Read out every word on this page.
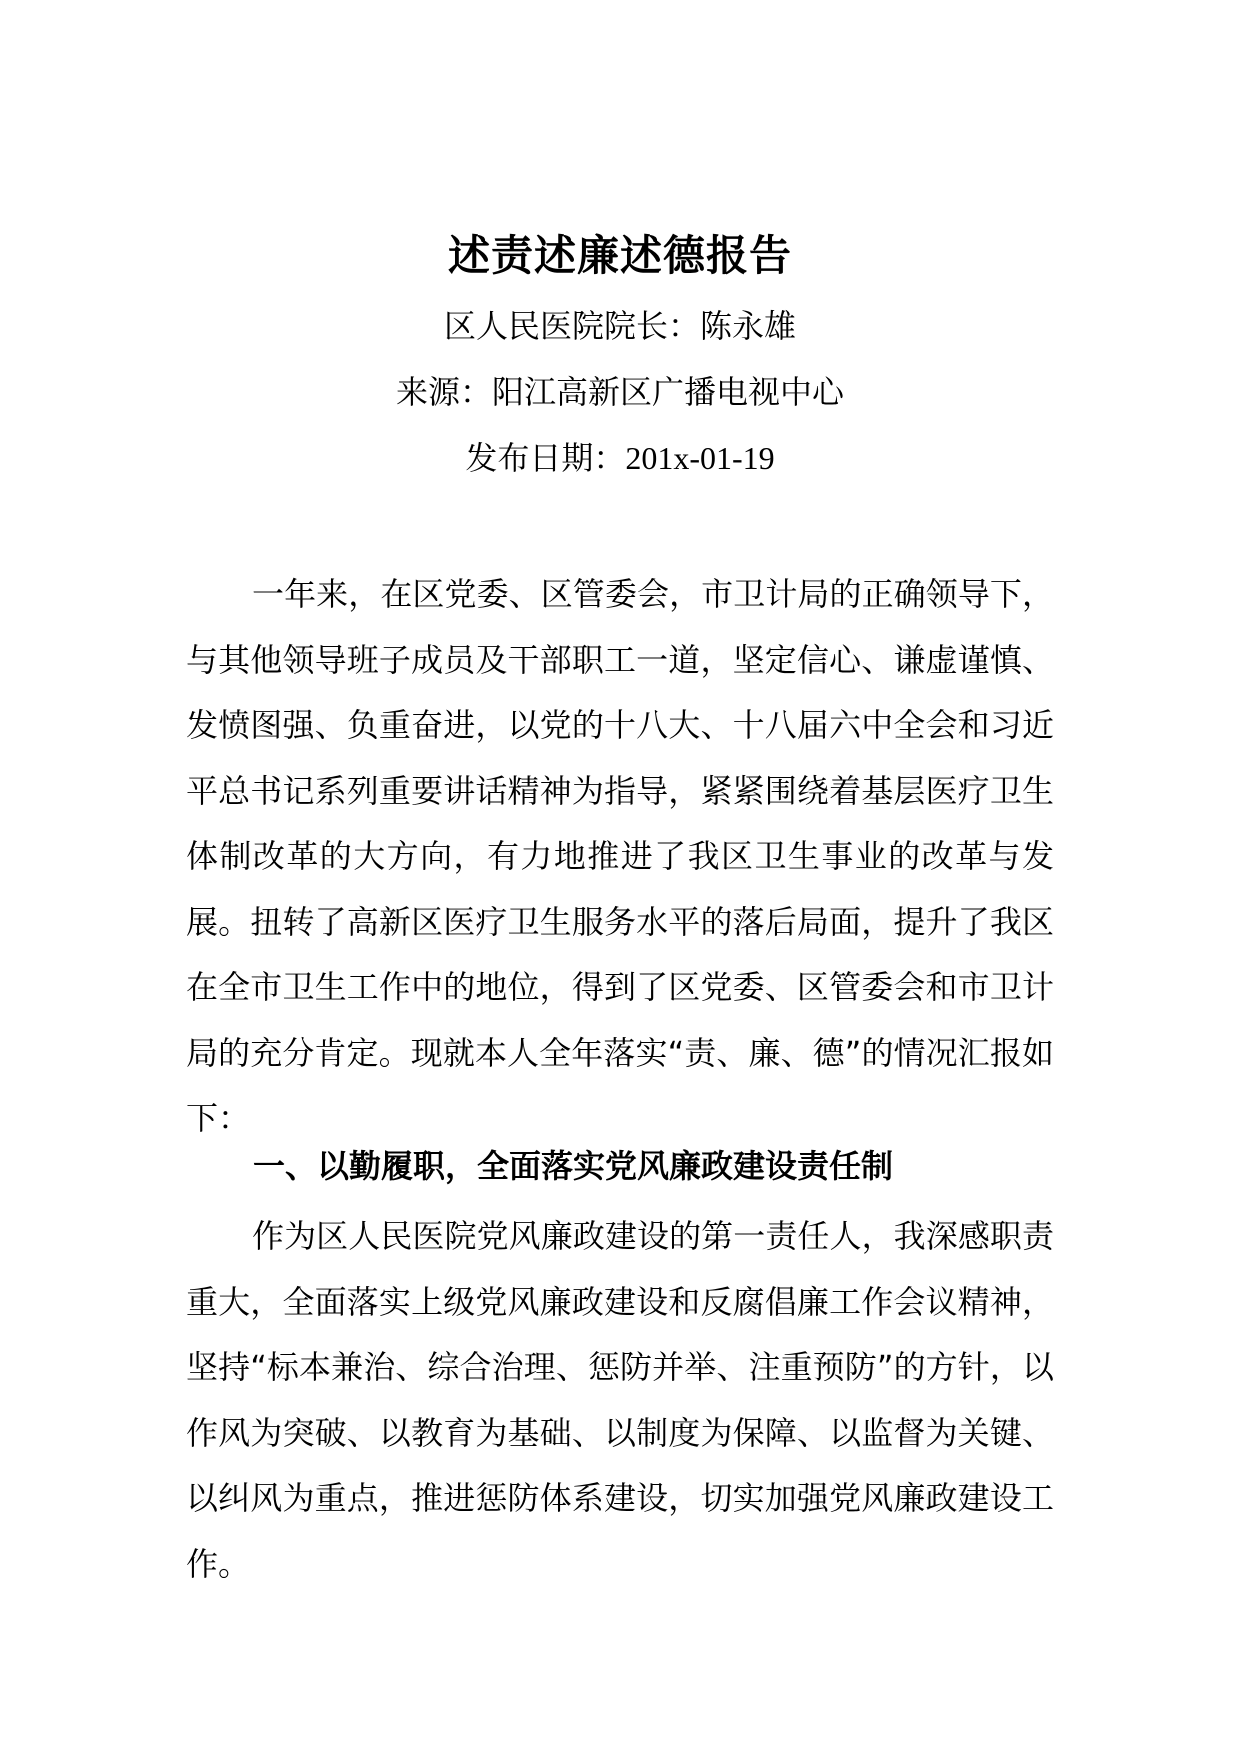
述责述廉述德报告
区人民医院院长：陈永雄
来源：阳江高新区广播电视中心
发布日期：201x-01-19

一年来，在区党委、区管委会，市卫计局的正确领导下，与其他领导班子成员及干部职工一道，坚定信心、谦虚谨慎、发愤图强、负重奋进，以党的十八大、十八届六中全会和习近平总书记系列重要讲话精神为指导，紧紧围绕着基层医疗卫生体制改革的大方向，有力地推进了我区卫生事业的改革与发展。扭转了高新区医疗卫生服务水平的落后局面，提升了我区在全市卫生工作中的地位，得到了区党委、区管委会和市卫计局的充分肯定。现就本人全年落实“责、廉、德”的情况汇报如下：

一、以勤履职，全面落实党风廉政建设责任制

作为区人民医院党风廉政建设的第一责任人，我深感职责重大，全面落实上级党风廉政建设和反腐倡廉工作会议精神，坚持“标本兼治、综合治理、惩防并举、注重预防”的方针，以作风为突破、以教育为基础、以制度为保障、以监督为关键、以纠风为重点，推进惩防体系建设，切实加强党风廉政建设工作。
